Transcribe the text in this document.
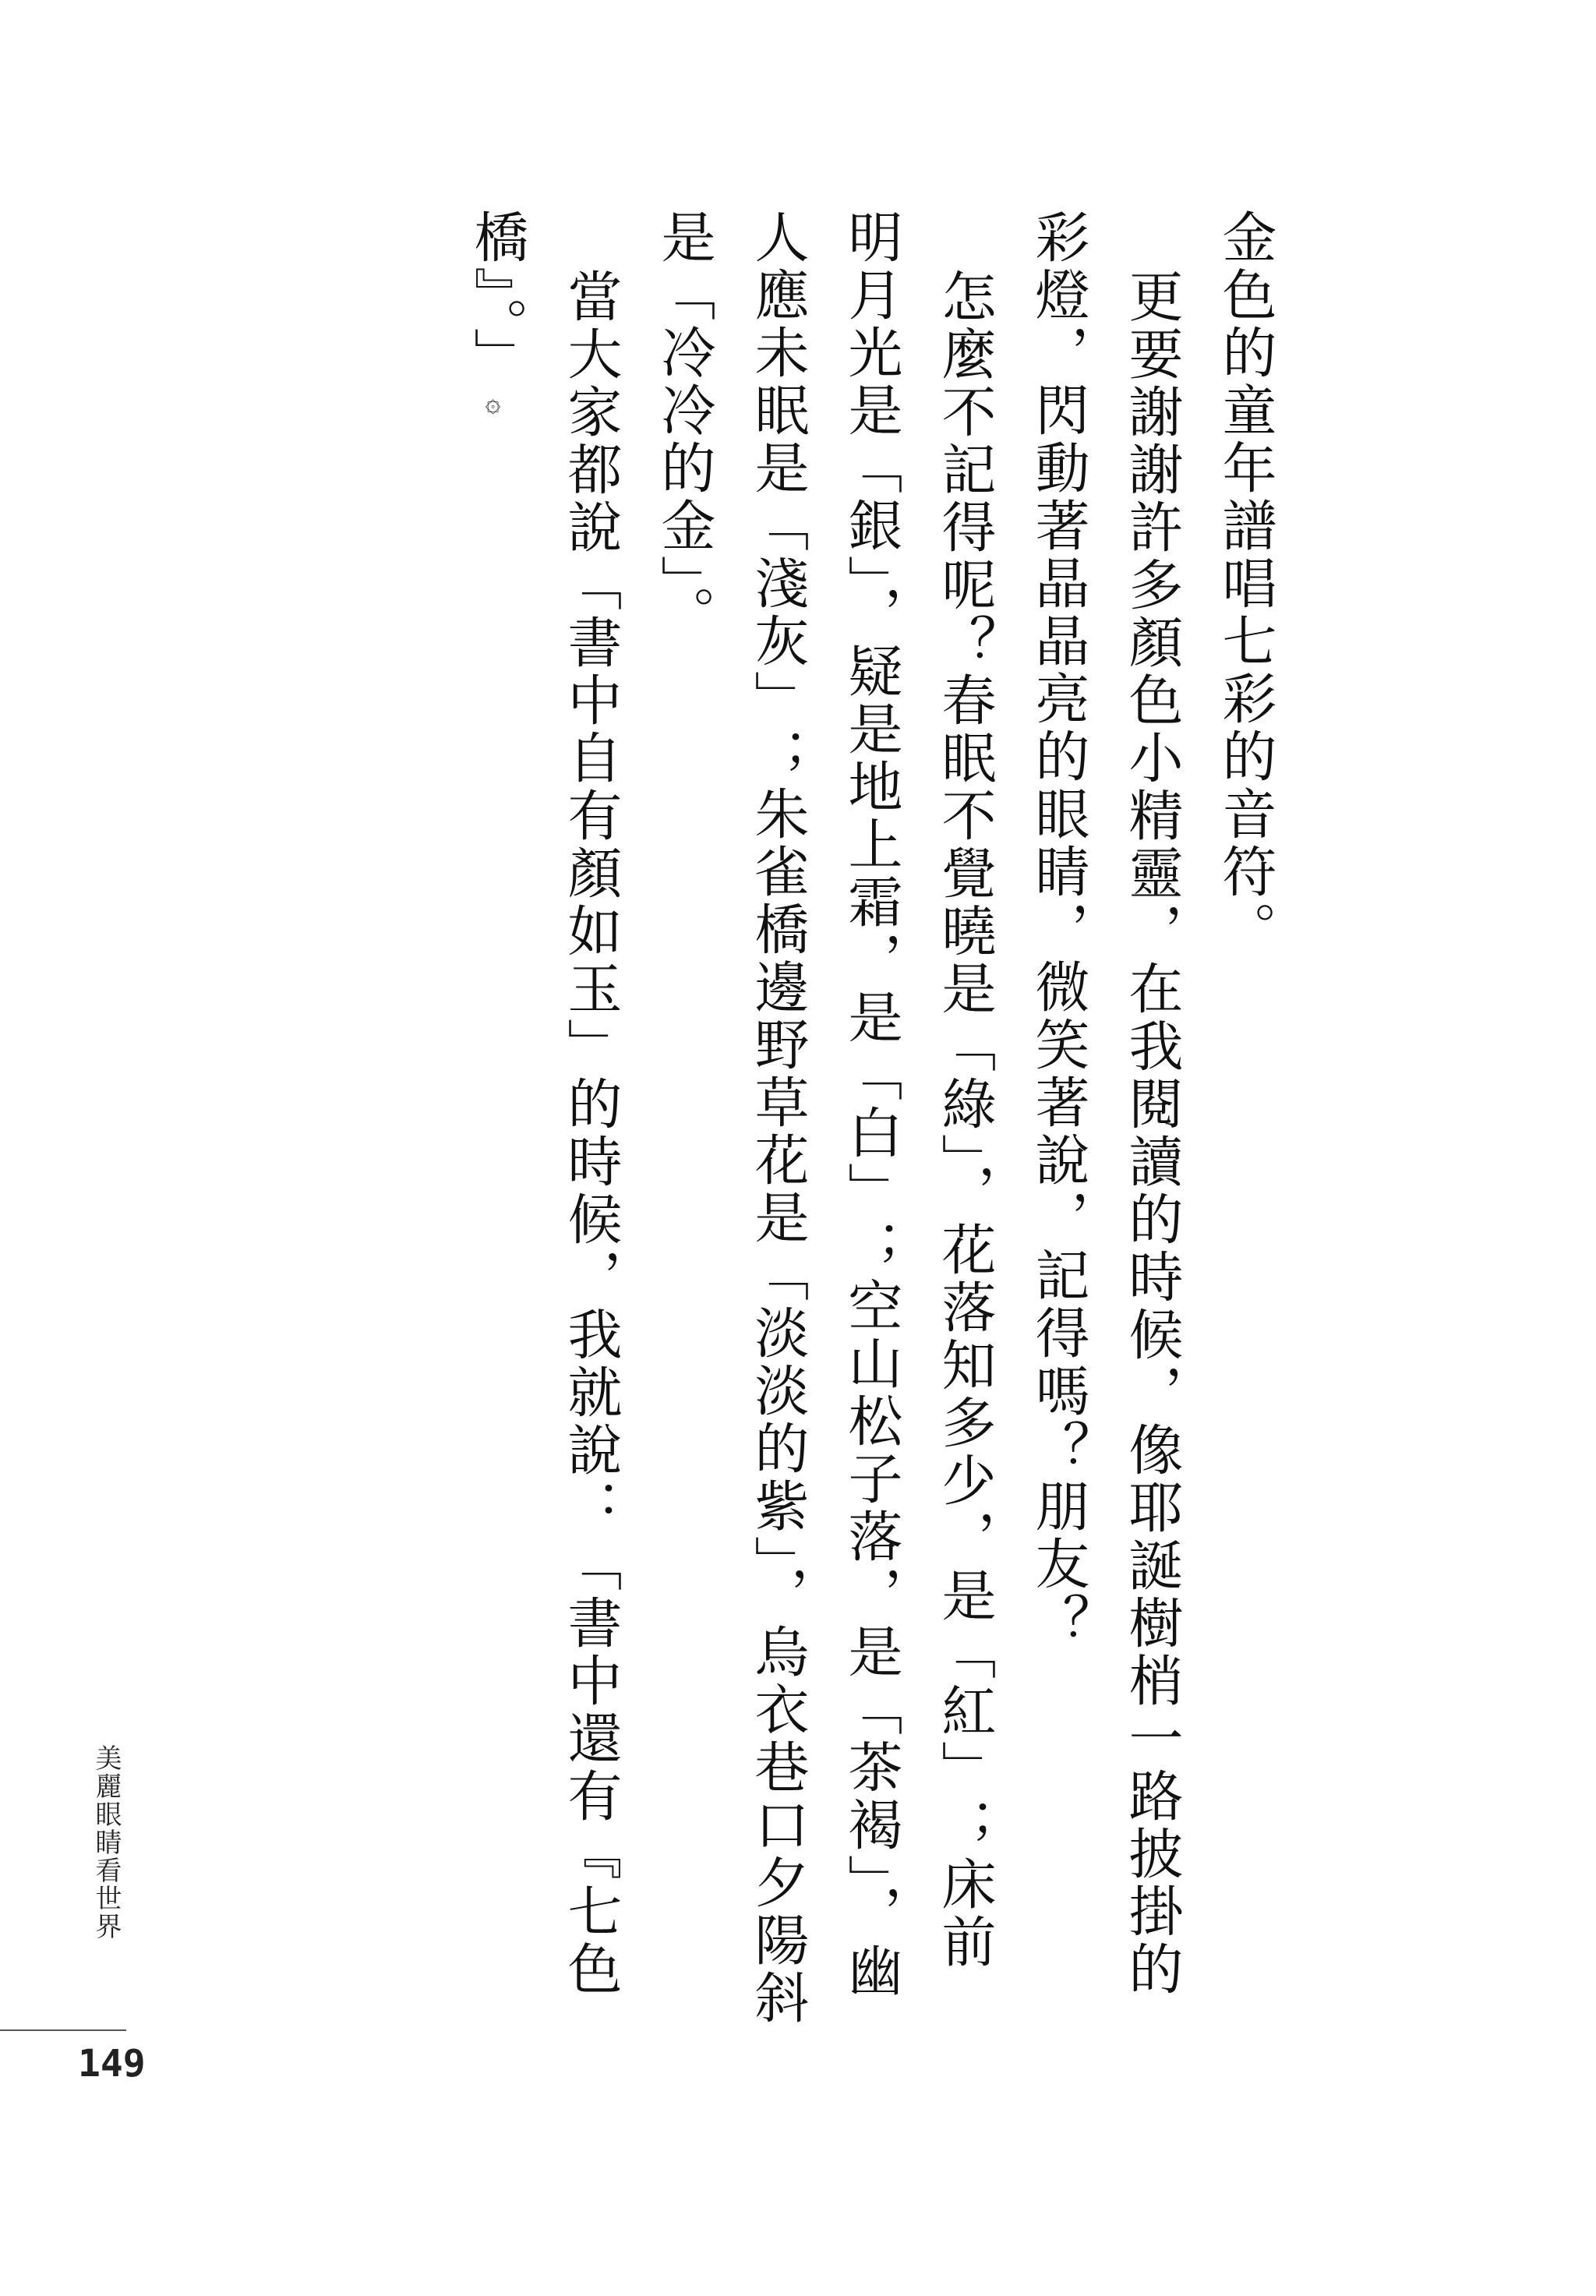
金色的童年譜唱七彩的音符。

更要謝謝許多顏色小精靈，在我閱讀的時候，像耶誕樹梢一路披掛的

彩燈，閃動著晶晶亮的眼睛，微笑著說，記得嗎？朋友？

怎麼不記得呢？春眠不覺曉是「綠」，花落知多少，是「紅」；床前

明月光是「銀」，疑是地上霜，是「白」；空山松子落，是「茶褐」，幽

人應未眠是「淺灰」；朱雀橋邊野草花是「淡淡的紫」，烏衣巷口夕陽斜

是「冷冷的金」。

當大家都說「書中自有顏如玉」的時候，我就說：「書中還有『七色

橋』。」۞

美麗眼睛看世界
149
